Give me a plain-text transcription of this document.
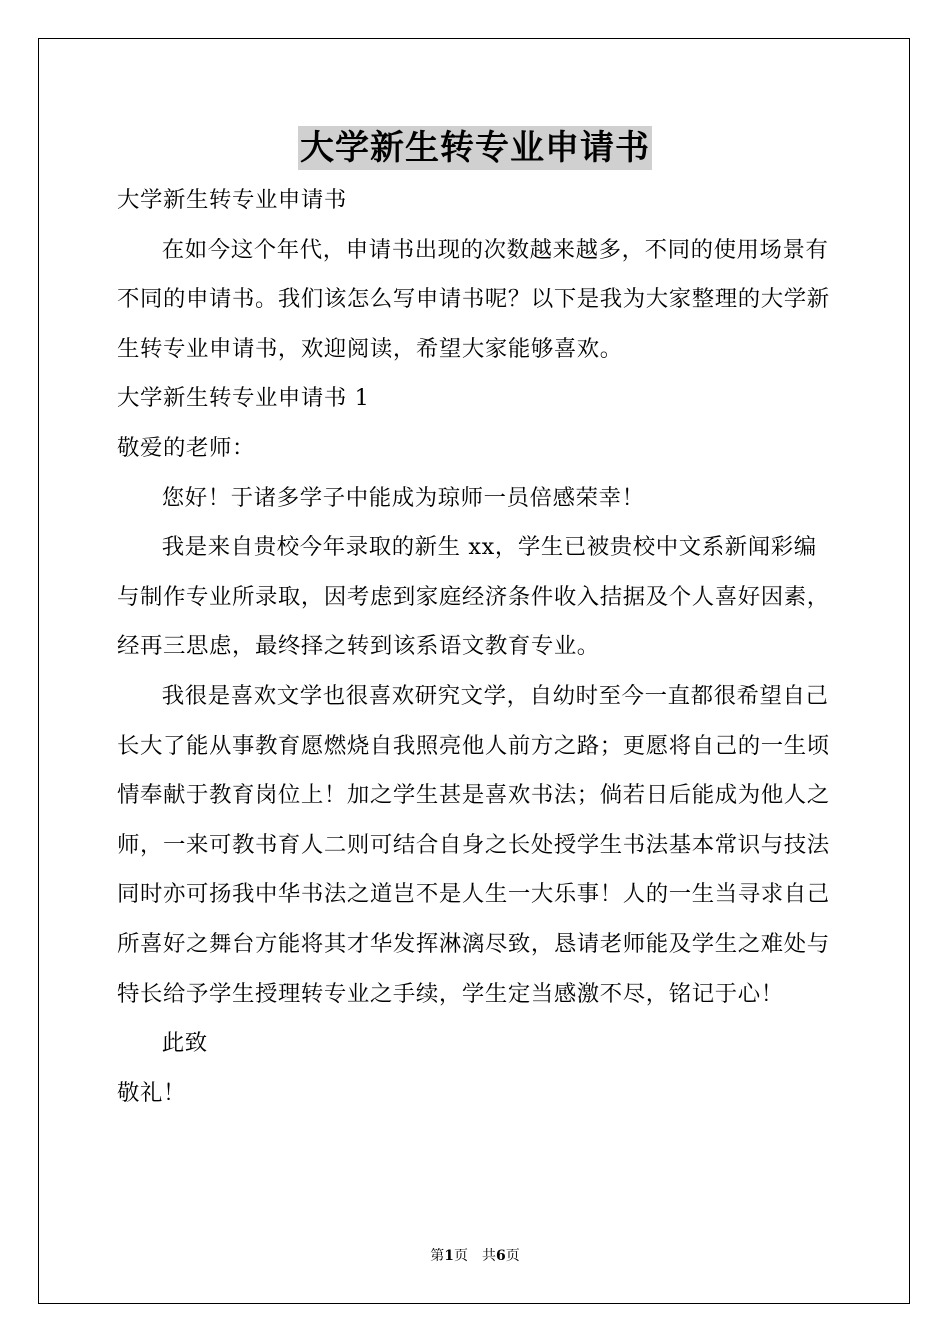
大学新生转专业申请书

大学新生转专业申请书

在如今这个年代，申请书出现的次数越来越多，不同的使用场景有不同的申请书。我们该怎么写申请书呢？以下是我为大家整理的大学新生转专业申请书，欢迎阅读，希望大家能够喜欢。

大学新生转专业申请书 1

敬爱的老师：

您好！于诸多学子中能成为琼师一员倍感荣幸！

我是来自贵校今年录取的新生 xx，学生已被贵校中文系新闻彩编与制作专业所录取，因考虑到家庭经济条件收入拮据及个人喜好因素，经再三思虑，最终择之转到该系语文教育专业。

我很是喜欢文学也很喜欢研究文学，自幼时至今一直都很希望自己长大了能从事教育愿燃烧自我照亮他人前方之路；更愿将自己的一生顷情奉献于教育岗位上！加之学生甚是喜欢书法；倘若日后能成为他人之师，一来可教书育人二则可结合自身之长处授学生书法基本常识与技法同时亦可扬我中华书法之道岂不是人生一大乐事！人的一生当寻求自己所喜好之舞台方能将其才华发挥淋漓尽致，恳请老师能及学生之难处与特长给予学生授理转专业之手续，学生定当感激不尽，铭记于心！

此致

敬礼！

第1页 共6页
